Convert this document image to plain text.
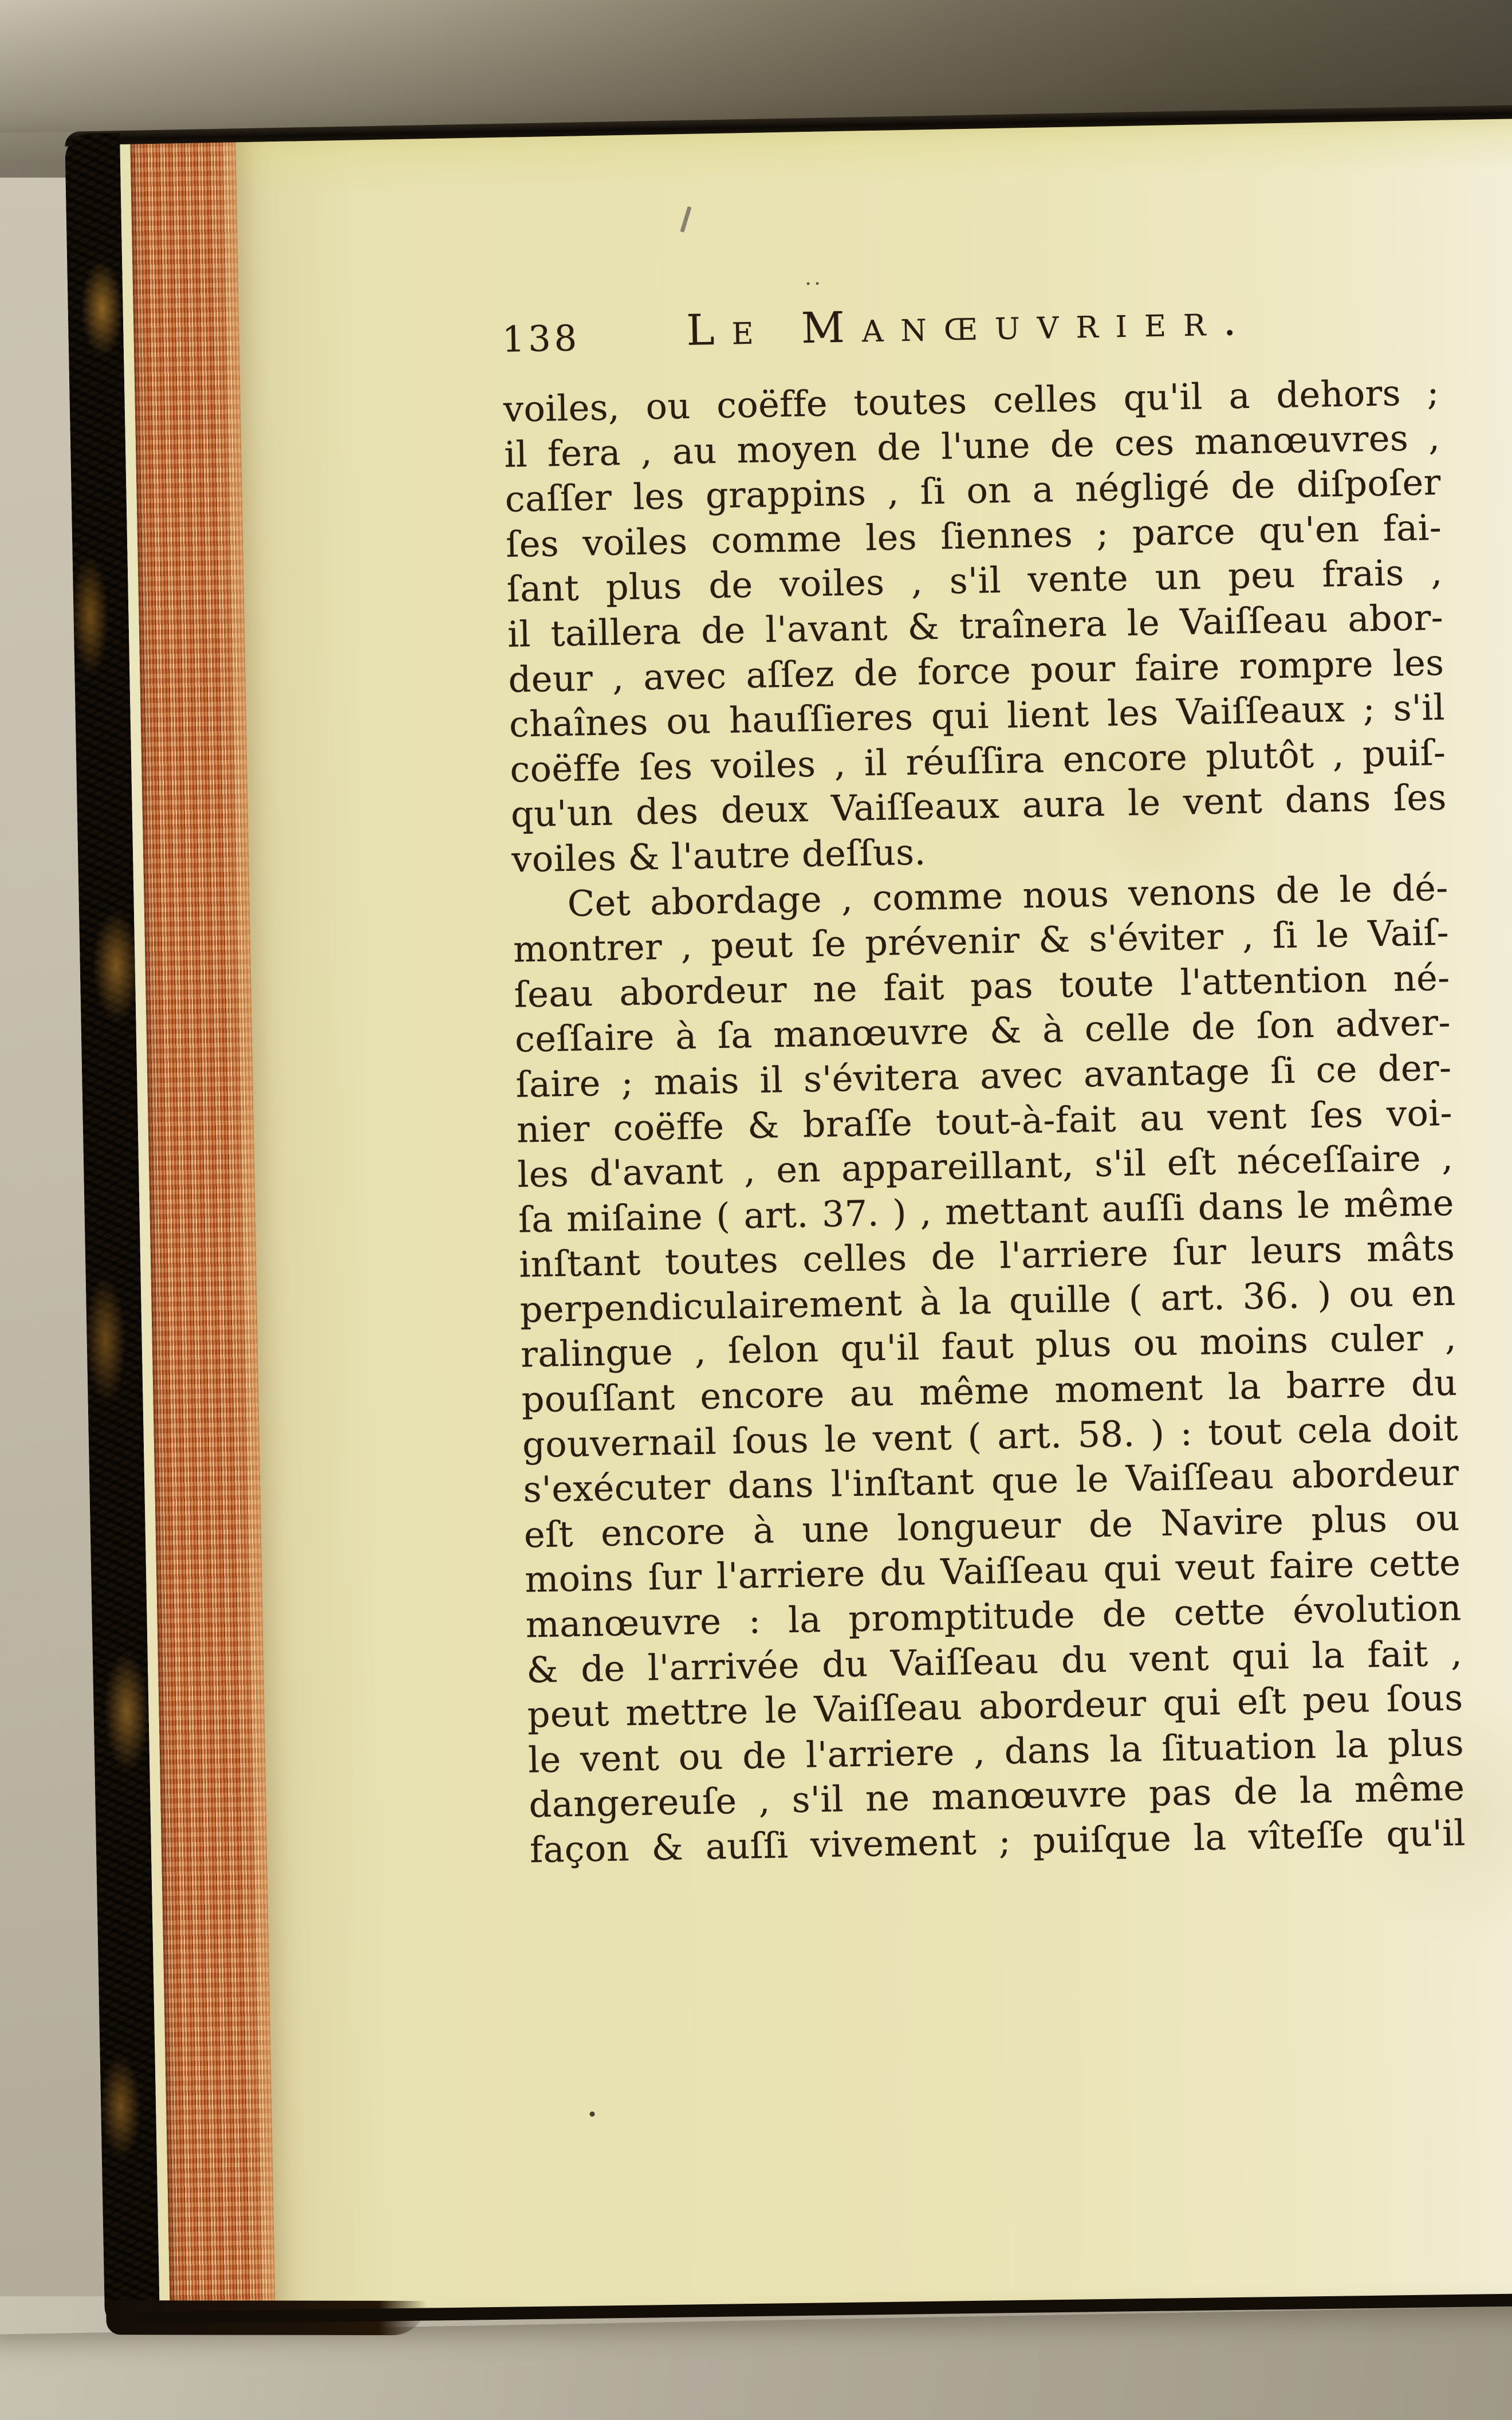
138 Le Manœuvrier.
voiles, ou coëffe toutes celles qu'il a dehors ;
il fera , au moyen de l'une de ces manœuvres ,
caſſer les grappins , ſi on a négligé de diſpoſer
ſes voiles comme les ſiennes ; parce qu'en fai-
ſant plus de voiles , s'il vente un peu frais ,
il taillera de l'avant & traînera le Vaiſſeau abor-
deur , avec aſſez de force pour faire rompre les
chaînes ou hauſſieres qui lient les Vaiſſeaux ; s'il
coëffe ſes voiles , il réuſſira encore plutôt , puiſ-
qu'un des deux Vaiſſeaux aura le vent dans ſes
voiles & l'autre deſſus.
Cet abordage , comme nous venons de le dé-
montrer , peut ſe prévenir & s'éviter , ſi le Vaiſ-
ſeau abordeur ne fait pas toute l'attention né-
ceſſaire à ſa manœuvre & à celle de ſon adver-
ſaire ; mais il s'évitera avec avantage ſi ce der-
nier coëffe & braſſe tout-à-fait au vent ſes voi-
les d'avant , en appareillant, s'il eſt néceſſaire ,
ſa miſaine ( art. 37. ) , mettant auſſi dans le même
inſtant toutes celles de l'arriere ſur leurs mâts
perpendiculairement à la quille ( art. 36. ) ou en
ralingue , ſelon qu'il faut plus ou moins culer ,
pouſſant encore au même moment la barre du
gouvernail ſous le vent ( art. 58. ) : tout cela doit
s'exécuter dans l'inſtant que le Vaiſſeau abordeur
eſt encore à une longueur de Navire plus ou
moins ſur l'arriere du Vaiſſeau qui veut faire cette
manœuvre : la promptitude de cette évolution
& de l'arrivée du Vaiſſeau du vent qui la fait ,
peut mettre le Vaiſſeau abordeur qui eſt peu ſous
le vent ou de l'arriere , dans la ſituation la plus
dangereuſe , s'il ne manœuvre pas de la même
façon & auſſi vivement ; puiſque la vîteſſe qu'il
